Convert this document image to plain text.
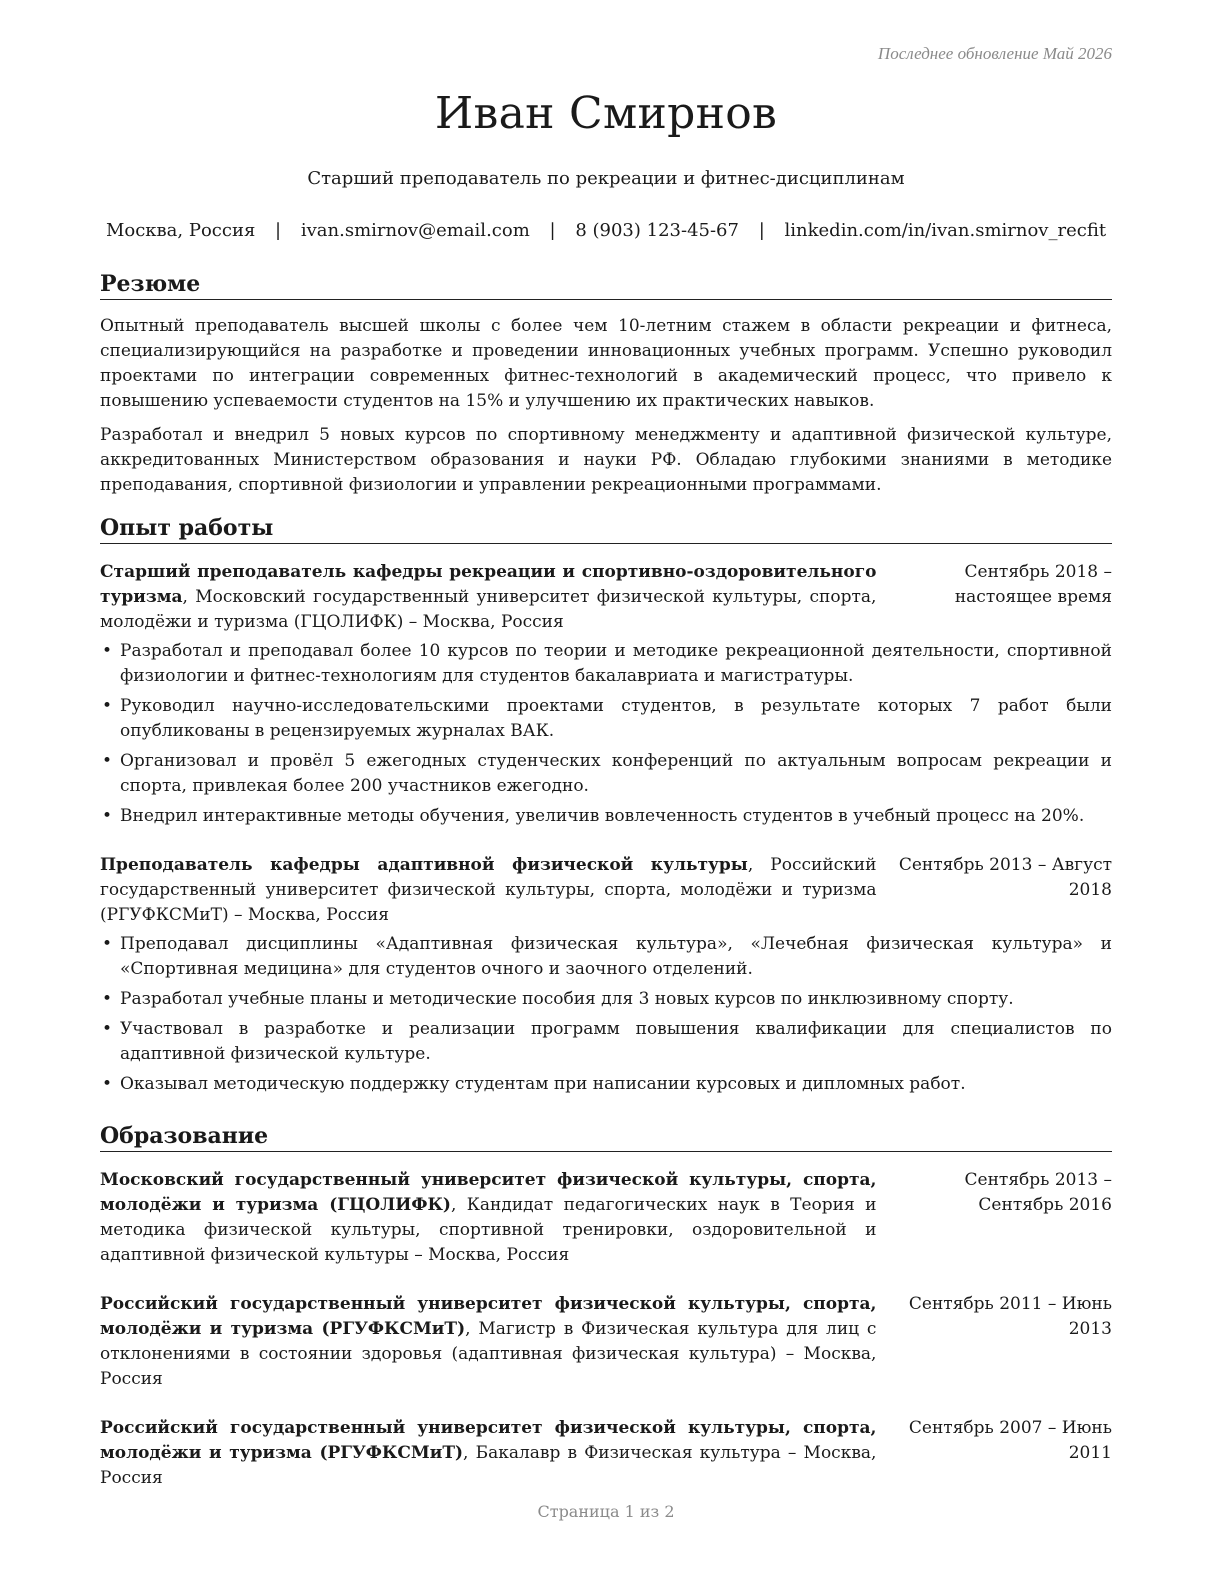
Последнее обновление Май 2026
Иван Смирнов
Старший преподаватель по рекреации и фитнес-дисциплинам
Москва, Россия | ivan.smirnov@email.com | 8 (903) 123-45-67 | linkedin.com/in/ivan.smirnov_recfit
Резюме

Опытный преподаватель высшей школы с более чем 10-летним стажем в области рекреации и фитнеса, специализирующийся на разработке и проведении инновационных учебных программ. Успешно руководил проектами по интеграции современных фитнес-технологий в академический процесс, что привело к повышению успеваемости студентов на 15% и улучшению их практических навыков.

Разработал и внедрил 5 новых курсов по спортивному менеджменту и адаптивной физической культуре, аккредитованных Министерством образования и науки РФ. Обладаю глубокими знаниями в методике преподавания, спортивной физиологии и управлении рекреационными программами.

Опыт работы
Старший преподаватель кафедры рекреации и спортивно-оздоровительного туризма, Московский государственный университет физической культуры, спорта, молодёжи и туризма (ГЦОЛИФК) – Москва, Россия
Сентябрь 2018 – настоящее время
• Разработал и преподавал более 10 курсов по теории и методике рекреационной деятельности, спортивной физиологии и фитнес-технологиям для студентов бакалавриата и магистратуры.
• Руководил научно-исследовательскими проектами студентов, в результате которых 7 работ были опубликованы в рецензируемых журналах ВАК.
• Организовал и провёл 5 ежегодных студенческих конференций по актуальным вопросам рекреации и спорта, привлекая более 200 участников ежегодно.
• Внедрил интерактивные методы обучения, увеличив вовлеченность студентов в учебный процесс на 20%.
Преподаватель кафедры адаптивной физической культуры, Российский государственный университет физической культуры, спорта, молодёжи и туризма (РГУФКСМиТ) – Москва, Россия
Сентябрь 2013 – Август 2018
• Преподавал дисциплины «Адаптивная физическая культура», «Лечебная физическая культура» и «Спортивная медицина» для студентов очного и заочного отделений.
• Разработал учебные планы и методические пособия для 3 новых курсов по инклюзивному спорту.
• Участвовал в разработке и реализации программ повышения квалификации для специалистов по адаптивной физической культуре.
• Оказывал методическую поддержку студентам при написании курсовых и дипломных работ.
Образование
Московский государственный университет физической культуры, спорта, молодёжи и туризма (ГЦОЛИФК), Кандидат педагогических наук в Теория и методика физической культуры, спортивной тренировки, оздоровительной и адаптивной физической культуры – Москва, Россия
Сентябрь 2013 – Сентябрь 2016
Российский государственный университет физической культуры, спорта, молодёжи и туризма (РГУФКСМиТ), Магистр в Физическая культура для лиц с отклонениями в состоянии здоровья (адаптивная физическая культура) – Москва, Россия
Сентябрь 2011 – Июнь 2013
Российский государственный университет физической культуры, спорта, молодёжи и туризма (РГУФКСМиТ), Бакалавр в Физическая культура – Москва, Россия
Сентябрь 2007 – Июнь 2011
Страница 1 из 2
